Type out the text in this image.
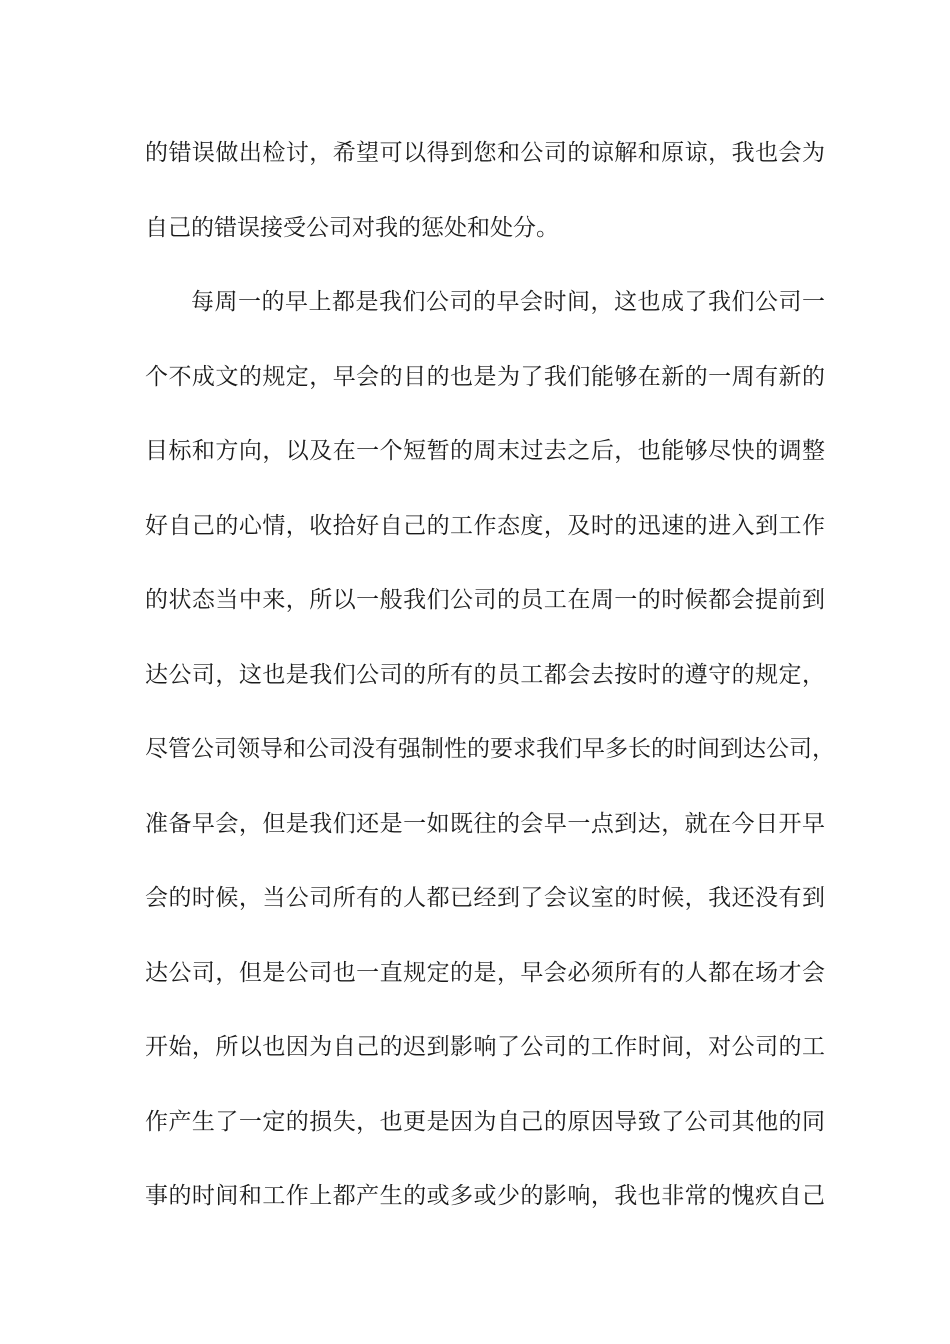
的错误做出检讨，希望可以得到您和公司的谅解和原谅，我也会为
自己的错误接受公司对我的惩处和处分。
每周一的早上都是我们公司的早会时间，这也成了我们公司一
个不成文的规定，早会的目的也是为了我们能够在新的一周有新的
目标和方向，以及在一个短暂的周末过去之后，也能够尽快的调整
好自己的心情，收拾好自己的工作态度，及时的迅速的进入到工作
的状态当中来，所以一般我们公司的员工在周一的时候都会提前到
达公司，这也是我们公司的所有的员工都会去按时的遵守的规定，
尽管公司领导和公司没有强制性的要求我们早多长的时间到达公司，
准备早会，但是我们还是一如既往的会早一点到达，就在今日开早
会的时候，当公司所有的人都已经到了会议室的时候，我还没有到
达公司，但是公司也一直规定的是，早会必须所有的人都在场才会
开始，所以也因为自己的迟到影响了公司的工作时间，对公司的工
作产生了一定的损失，也更是因为自己的原因导致了公司其他的同
事的时间和工作上都产生的或多或少的影响，我也非常的愧疚自己
